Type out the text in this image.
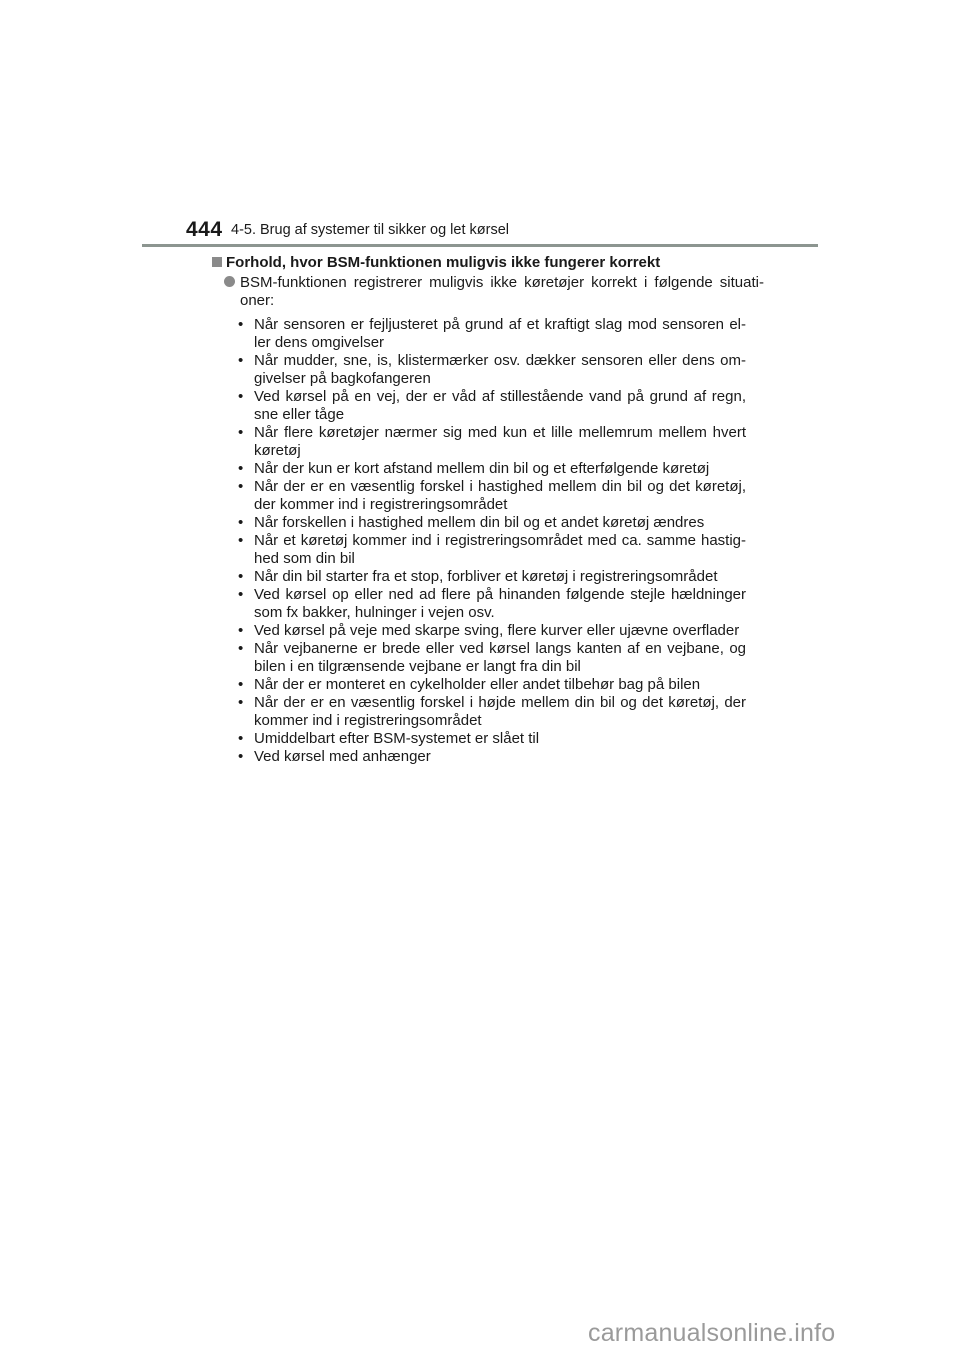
444 4-5. Brug af systemer til sikker og let kørsel
Forhold, hvor BSM-funktionen muligvis ikke fungerer korrekt
BSM-funktionen registrerer muligvis ikke køretøjer korrekt i følgende situati-oner:
• Når sensoren er fejljusteret på grund af et kraftigt slag mod sensoren el-ler dens omgivelser
• Når mudder, sne, is, klistermærker osv. dækker sensoren eller dens om-givelser på bagkofangeren
• Ved kørsel på en vej, der er våd af stillestående vand på grund af regn, sne eller tåge
• Når flere køretøjer nærmer sig med kun et lille mellemrum mellem hvert køretøj
• Når der kun er kort afstand mellem din bil og et efterfølgende køretøj
• Når der er en væsentlig forskel i hastighed mellem din bil og det køretøj, der kommer ind i registreringsområdet
• Når forskellen i hastighed mellem din bil og et andet køretøj ændres
• Når et køretøj kommer ind i registreringsområdet med ca. samme hastig-hed som din bil
• Når din bil starter fra et stop, forbliver et køretøj i registreringsområdet
• Ved kørsel op eller ned ad flere på hinanden følgende stejle hældninger som fx bakker, hulninger i vejen osv.
• Ved kørsel på veje med skarpe sving, flere kurver eller ujævne overflader
• Når vejbanerne er brede eller ved kørsel langs kanten af en vejbane, og bilen i en tilgrænsende vejbane er langt fra din bil
• Når der er monteret en cykelholder eller andet tilbehør bag på bilen
• Når der er en væsentlig forskel i højde mellem din bil og det køretøj, der kommer ind i registreringsområdet
• Umiddelbart efter BSM-systemet er slået til
• Ved kørsel med anhænger
carmanualsonline.info
